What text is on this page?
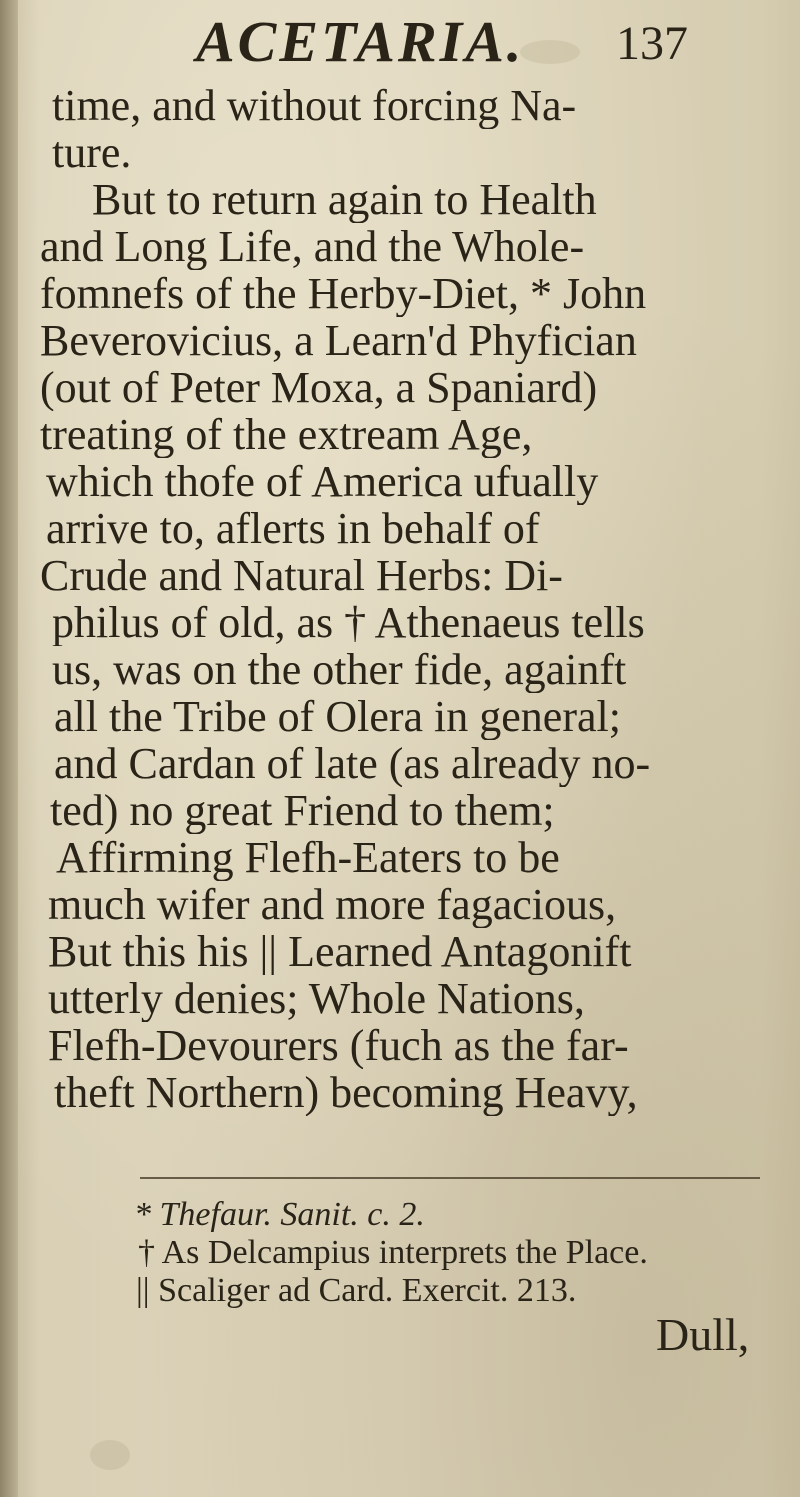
ACETARIA. 137
time, and without forcing Na-
ture.
But to return again to Health
and Long Life, and the Whole-
fomnefs of the Herby-Diet, * John
Beverovicius, a Learn'd Phyfician
(out of Peter Moxa, a Spaniard)
treating of the extream Age,
which thofe of America ufually
arrive to, aflerts in behalf of
Crude and Natural Herbs: Di-
philus of old, as † Athenaeus tells
us, was on the other fide, againft
all the Tribe of Olera in general;
and Cardan of late (as already no-
ted) no great Friend to them;
Affirming Flefh-Eaters to be
much wifer and more fagacious,
But this his || Learned Antagonift
utterly denies; Whole Nations,
Flefh-Devourers (fuch as the far-
theft Northern) becoming Heavy,
* Thefaur. Sanit. c. 2.
† As Delcampius interprets the Place.
|| Scaliger ad Card. Exercit. 213.
Dull,
